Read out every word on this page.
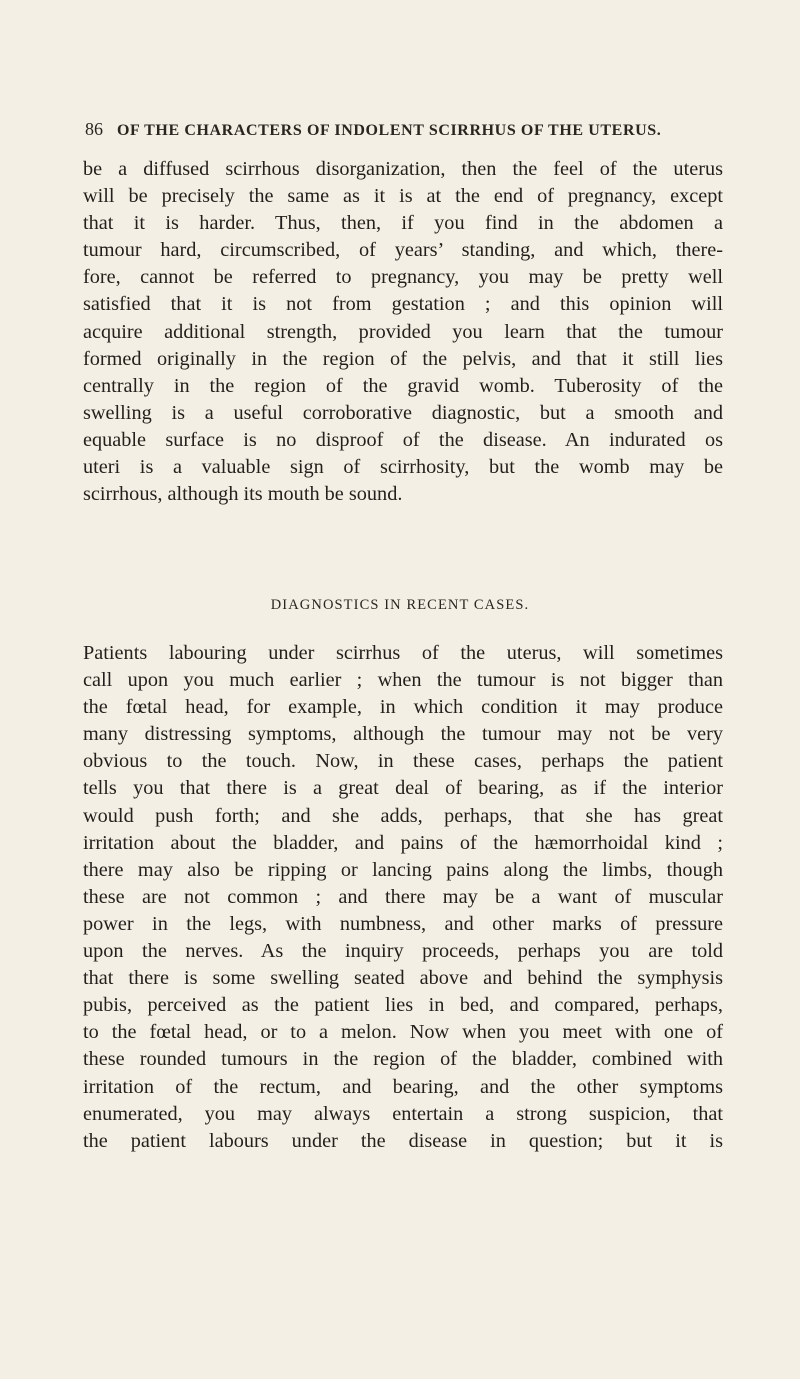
86 OF THE CHARACTERS OF INDOLENT SCIRRHUS OF THE UTERUS.
be a diffused scirrhous disorganization, then the feel of the uterus
will be precisely the same as it is at the end of pregnancy, except
that it is harder. Thus, then, if you find in the abdomen a
tumour hard, circumscribed, of years’ standing, and which, there-
fore, cannot be referred to pregnancy, you may be pretty well
satisfied that it is not from gestation ; and this opinion will
acquire additional strength, provided you learn that the tumour
formed originally in the region of the pelvis, and that it still lies
centrally in the region of the gravid womb. Tuberosity of the
swelling is a useful corroborative diagnostic, but a smooth and
equable surface is no disproof of the disease. An indurated os
uteri is a valuable sign of scirrhosity, but the womb may be
scirrhous, although its mouth be sound.
DIAGNOSTICS IN RECENT CASES.
Patients labouring under scirrhus of the uterus, will sometimes
call upon you much earlier ; when the tumour is not bigger than
the fœtal head, for example, in which condition it may produce
many distressing symptoms, although the tumour may not be very
obvious to the touch. Now, in these cases, perhaps the patient
tells you that there is a great deal of bearing, as if the interior
would push forth; and she adds, perhaps, that she has great
irritation about the bladder, and pains of the hæmorrhoidal kind ;
there may also be ripping or lancing pains along the limbs, though
these are not common ; and there may be a want of muscular
power in the legs, with numbness, and other marks of pressure
upon the nerves. As the inquiry proceeds, perhaps you are told
that there is some swelling seated above and behind the symphysis
pubis, perceived as the patient lies in bed, and compared, perhaps,
to the fœtal head, or to a melon. Now when you meet with one of
these rounded tumours in the region of the bladder, combined with
irritation of the rectum, and bearing, and the other symptoms
enumerated, you may always entertain a strong suspicion, that
the patient labours under the disease in question; but it is
